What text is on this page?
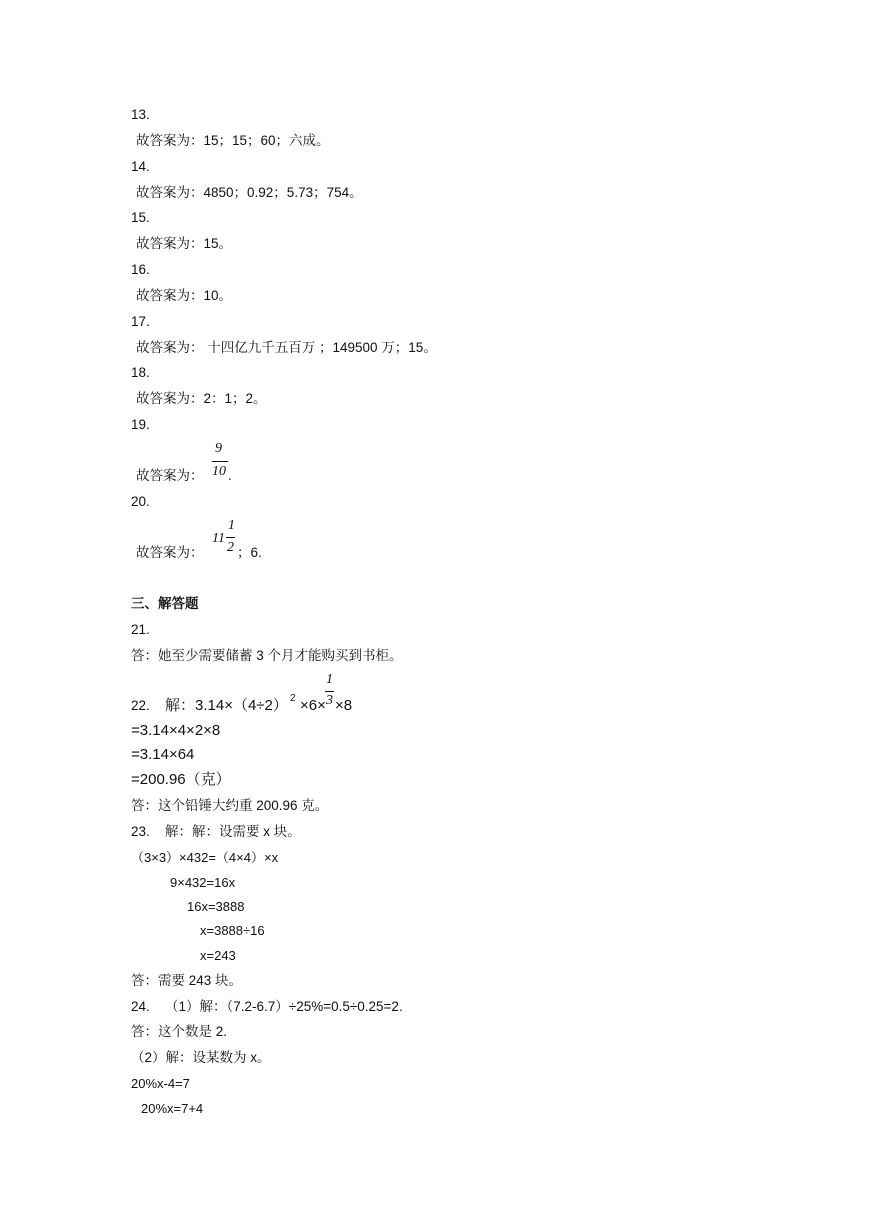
13.
故答案为：15；15；60；六成。
14.
故答案为：4850；0.92；5.73；754。
15.
故答案为：15。
16.
故答案为：10。
17.
故答案为： 十四亿九千五百万 ；149500 万；15。
18.
故答案为：2：1；2。
19.
故答案为：
9
10 .
20.
故答案为：
11
1
2 ；6.
三、解答题
21.
答：她至少需要储蓄 3 个月才能购买到书柜。
22. 解：3.14×（4÷2） 2 ×6×
1
3 ×8
=3.14×4×2×8
=3.14×64
=200.96（克）
答：这个铅锤大约重 200.96 克。
23. 解：解：设需要 x 块。
（3×3）×432=（4×4）×x
9×432=16x
16x=3888
x=3888÷16
x=243
答：需要 243 块。
24. （1）解：（7.2-6.7）÷25%=0.5÷0.25=2.
答：这个数是 2.
（2）解：设某数为 x。
20%x-4=7
20%x=7+4
